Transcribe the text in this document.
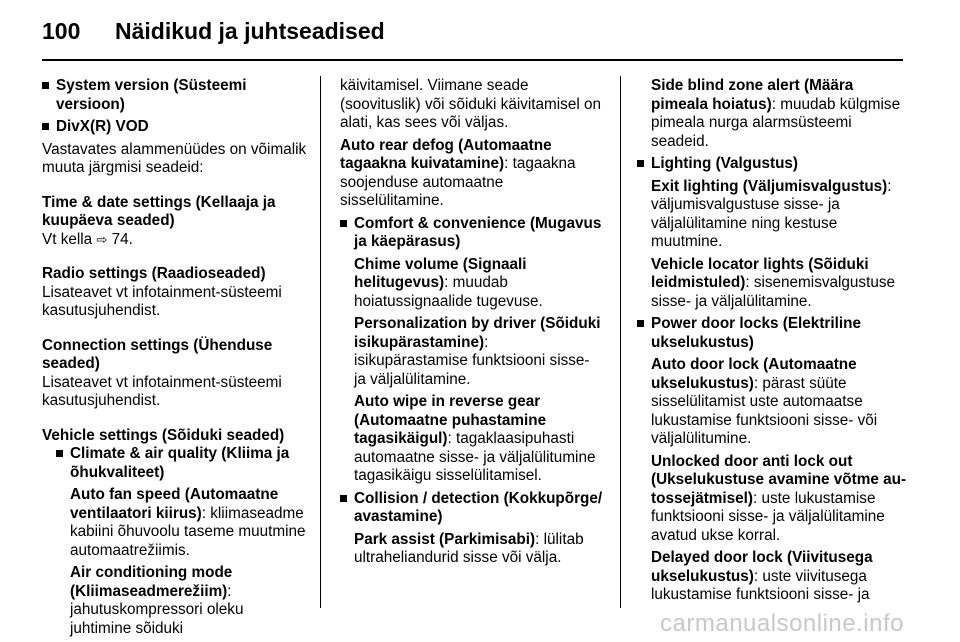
100 Näidikud ja juhtseadised

System version (Süsteemi versioon)

DivX(R) VOD

Vastavates alammenüüdes on võimalik muuta järgmisi seadeid:

Time & date settings (Kellaaja ja kuupäeva seaded)

Vt kella ⇨ 74.

Radio settings (Raadioseaded)

Lisateavet vt infotainment-süsteemi kasutusjuhendist.

Connection settings (Ühenduse seaded)

Lisateavet vt infotainment-süsteemi kasutusjuhendist.

Vehicle settings (Sõiduki seaded)

Climate & air quality (Kliima ja õhukvaliteet)

Auto fan speed (Automaatne ventilaatori kiirus): kliimaseadme kabiini õhuvoolu taseme muutmine automaatrežiimis.

Air conditioning mode (Kliimaseadmerežiim): jahutuskompressori oleku juhtimine sõiduki

käivitamisel. Viimane seade (soovituslik) või sõiduki käivitamisel on alati, kas sees või väljas.

Auto rear defog (Automaatne tagaakna kuivatamine): tagaakna soojenduse automaatne sisselülitamine.

Comfort & convenience (Mugavus ja käepärasus)

Chime volume (Signaali helitugevus): muudab hoiatussignaalide tugevuse.

Personalization by driver (Sõiduki isikupärastamine): isikupärastamise funktsiooni sisse- ja väljalülitamine.

Auto wipe in reverse gear (Automaatne puhastamine tagasikäigul): tagaklaasipuhasti automaatne sisse- ja väljalülitumine tagasikäigu sisselülitamisel.

Collision / detection (Kokkupõrge/ avastamine)

Park assist (Parkimisabi): lülitab ultraheliandurid sisse või välja.

Side blind zone alert (Määra pimeala hoiatus): muudab külgmise pimeala nurga alarmsüsteemi seadeid.

Lighting (Valgustus)

Exit lighting (Väljumisvalgustus): väljumisvalgustuse sisse- ja väljalülitamine ning kestuse muutmine.

Vehicle locator lights (Sõiduki leidmistuled): sisenemisvalgustuse sisse- ja väljalülitamine.

Power door locks (Elektriline ukselukustus)

Auto door lock (Automaatne ukselukustus): pärast süüte sisselülitamist uste automaatse lukustamise funktsiooni sisse- või väljalülitumine.

Unlocked door anti lock out (Ukselukustuse avamine võtme autossejätmisel): uste lukustamise funktsiooni sisse- ja väljalülitamine avatud ukse korral.

Delayed door lock (Viivitusega ukselukustus): uste viivitusega lukustamise funktsiooni sisse- ja

carmanualsonline.info
